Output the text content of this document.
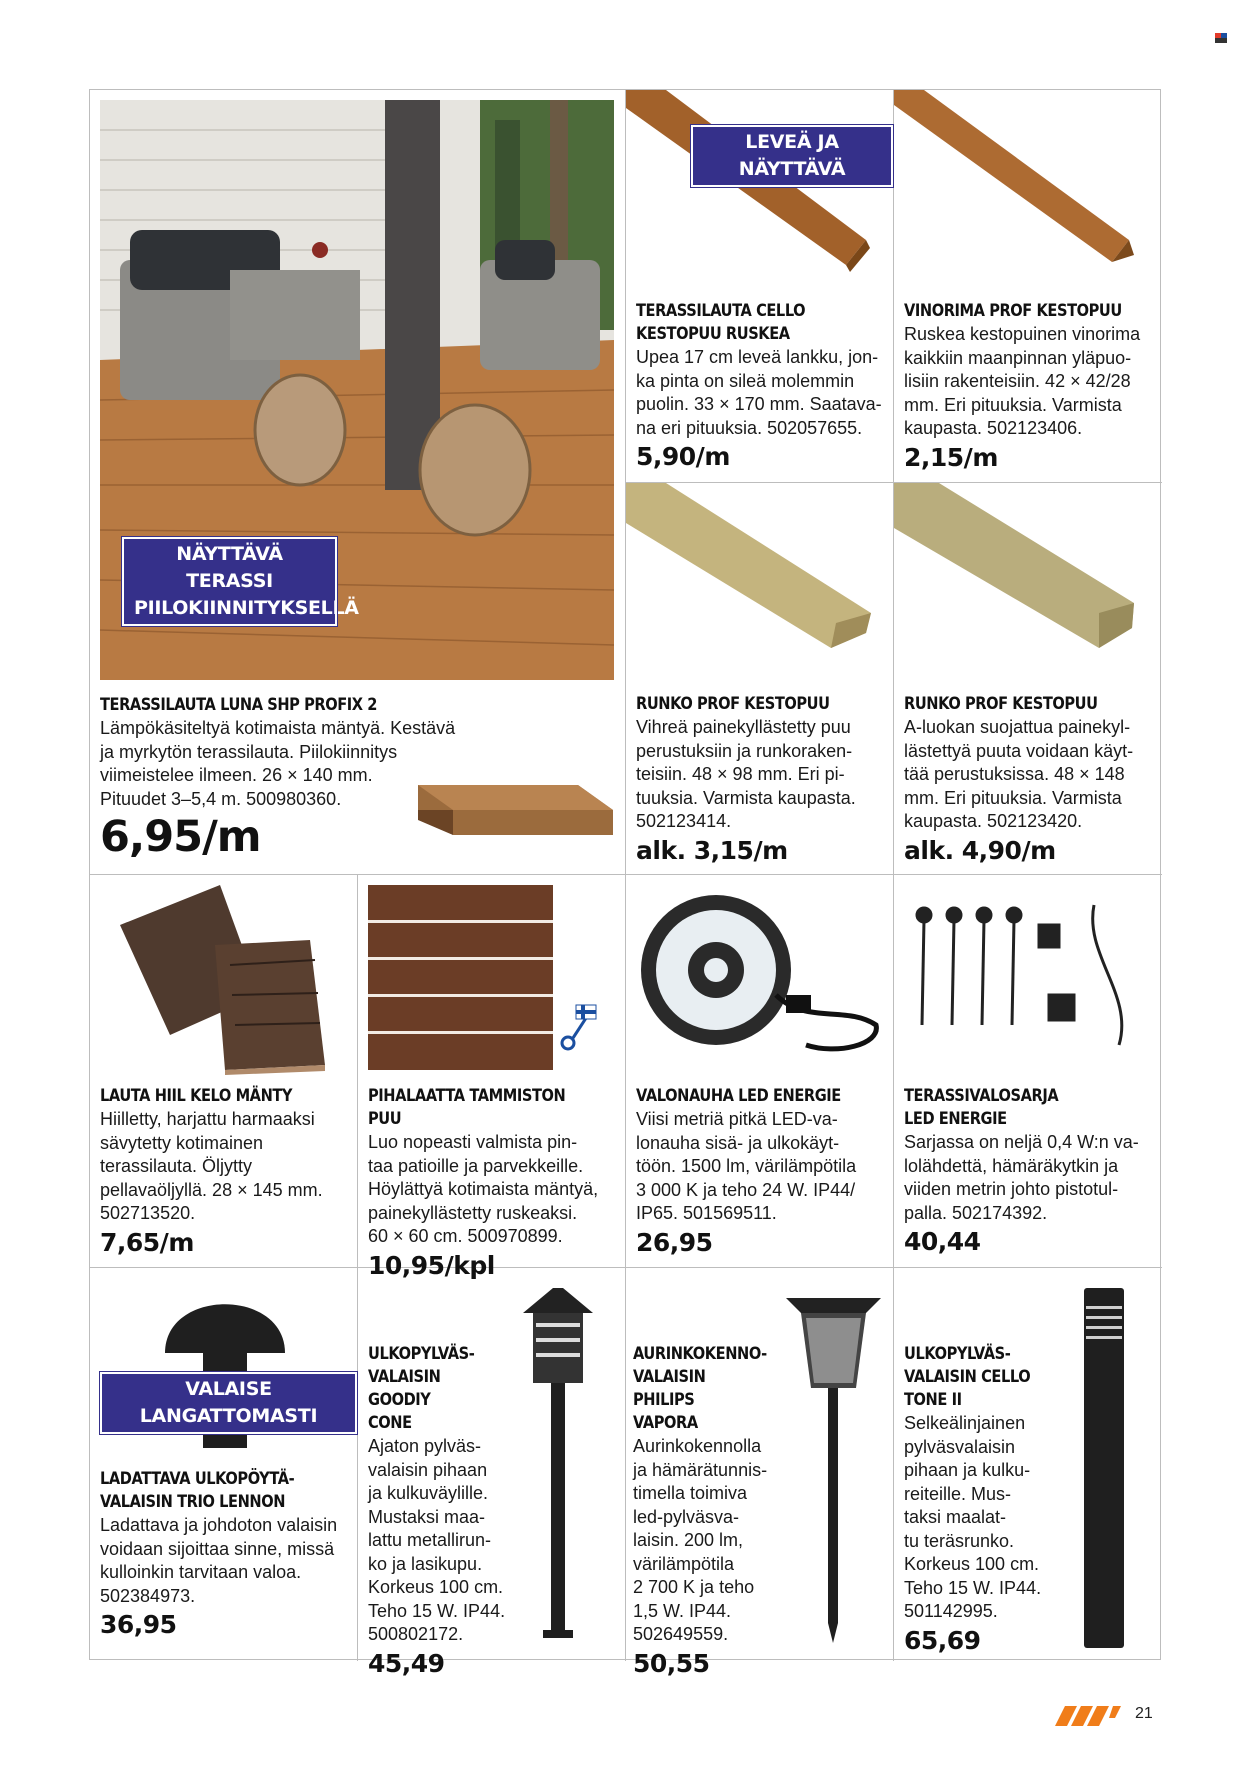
NÄYTTÄVÄ TERASSI
PIILOKIINNITYKSELLÄ
TERASSILAUTA LUNA SHP PROFIX 2
Lämpökäsiteltyä kotimaista mäntyä. Kestävä
ja myrkytön terassilauta. Piilokiinnitys
viimeistelee ilmeen. 26 × 140 mm.
Pituudet 3–5,4 m. 500980360.
6,95/m
LEVEÄ JA NÄYTTÄVÄ
TERASSILAUTA CELLO
KESTOPUU RUSKEA
Upea 17 cm leveä lankku, jon-
ka pinta on sileä molemmin
puolin. 33 × 170 mm. Saatava-
na eri pituuksia. 502057655.
5,90/m
VINORIMA PROF KESTOPUU
Ruskea kestopuinen vinorima
kaikkiin maanpinnan yläpuo-
lisiin rakenteisiin. 42 × 42/28
mm. Eri pituuksia. Varmista
kaupasta. 502123406.
2,15/m
RUNKO PROF KESTOPUU
Vihreä painekyllästetty puu
perustuksiin ja runkoraken-
teisiin. 48 × 98 mm. Eri pi-
tuuksia. Varmista kaupasta.
502123414.
alk. 3,15/m
RUNKO PROF KESTOPUU
A-luokan suojattua painekyl-
lästettyä puuta voidaan käyt-
tää perustuksissa. 48 × 148
mm. Eri pituuksia. Varmista
kaupasta. 502123420.
alk. 4,90/m
LAUTA HIIL KELO MÄNTY
Hiilletty, harjattu harmaaksi
sävytetty kotimainen
terassilauta. Öljytty
pellavaöljyllä. 28 × 145 mm.
502713520.
7,65/m
PIHALAATTA TAMMISTON PUU
Luo nopeasti valmista pin-
taa patioille ja parvekkeille.
Höylättyä kotimaista mäntyä,
painekyllästetty ruskeaksi.
60 × 60 cm. 500970899.
10,95/kpl
VALONAUHA LED ENERGIE
Viisi metriä pitkä LED-va-
lonauha sisä- ja ulkokäyt-
töön. 1500 lm, värilämpötila
3 000 K ja teho 24 W. IP44/
IP65. 501569511.
26,95
TERASSIVALOSARJA
LED ENERGIE
Sarjassa on neljä 0,4 W:n va-
lolähdettä, hämäräkytkin ja
viiden metrin johto pistotul-
palla. 502174392.
40,44
VALAISE LANGATTOMASTI
LADATTAVA ULKOPÖYTÄ-
VALAISIN TRIO LENNON
Ladattava ja johdoton valaisin
voidaan sijoittaa sinne, missä
kulloinkin tarvitaan valoa.
502384973.
36,95
ULKOPYLVÄS-
VALAISIN GOODIY
CONE
Ajaton pylväs-
valaisin pihaan
ja kulkuväylille.
Mustaksi maa-
lattu metallirun-
ko ja lasikupu.
Korkeus 100 cm.
Teho 15 W. IP44.
500802172.
45,49
AURINKOKENNO-
VALAISIN PHILIPS
VAPORA
Aurinkokennolla
ja hämärätunnis-
timella toimiva
led-pylväsva-
laisin. 200 lm,
värilämpötila
2 700 K ja teho
1,5 W. IP44.
502649559.
50,55
ULKOPYLVÄS-
VALAISIN CELLO
TONE II
Selkeälinjainen
pylväsvalaisin
pihaan ja kulku-
reiteille. Mus-
taksi maalat-
tu teräsrunko.
Korkeus 100 cm.
Teho 15 W. IP44.
501142995.
65,69
21
